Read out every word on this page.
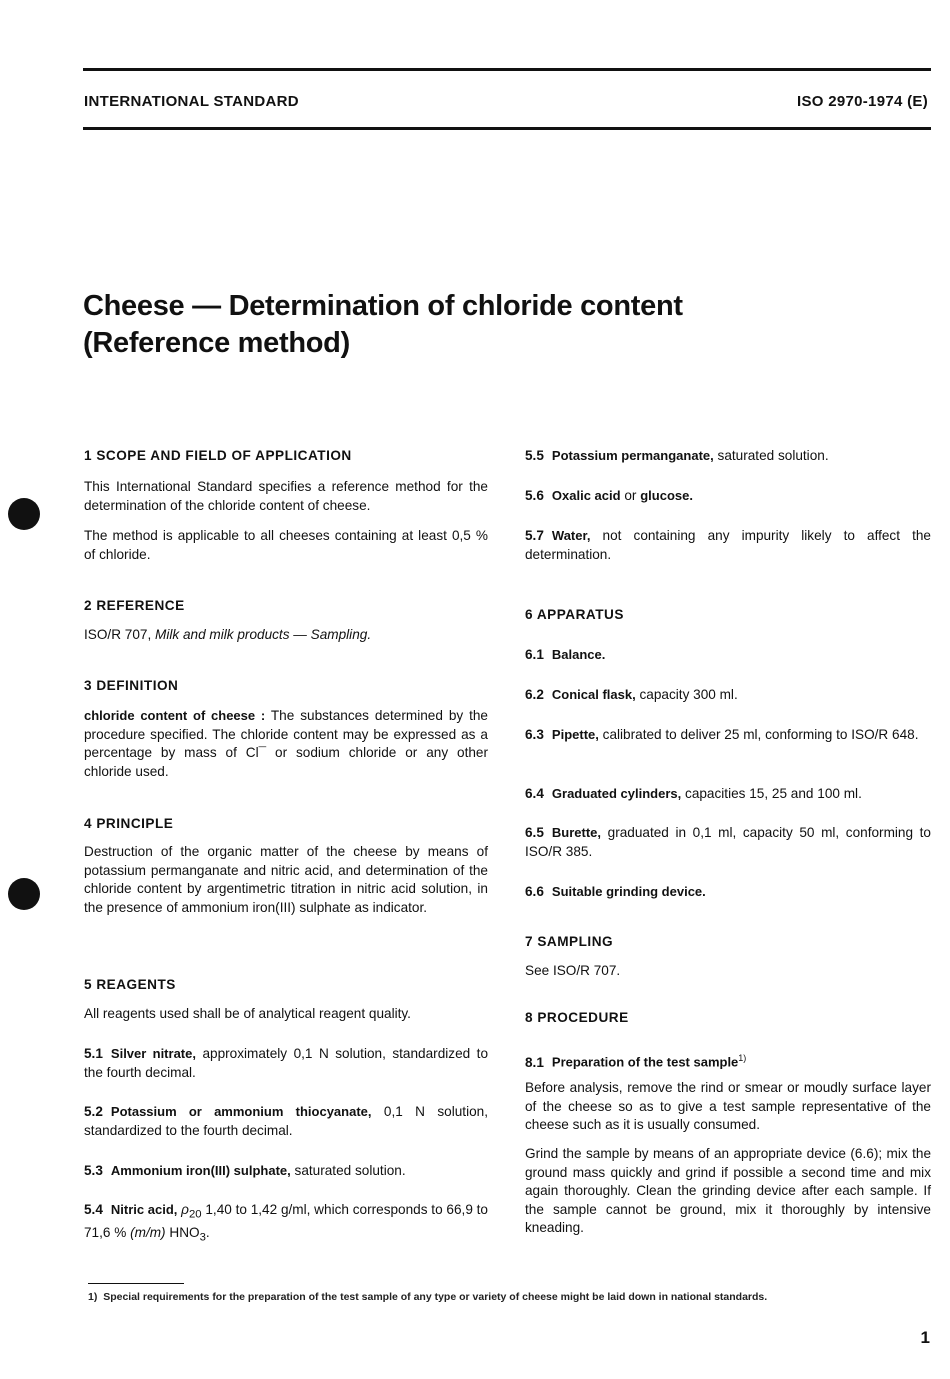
INTERNATIONAL STANDARD	ISO 2970-1974 (E)
Cheese — Determination of chloride content
(Reference method)
1 SCOPE AND FIELD OF APPLICATION

This International Standard specifies a reference method for the determination of the chloride content of cheese.

The method is applicable to all cheeses containing at least 0,5 % of chloride.

2 REFERENCE

ISO/R 707, Milk and milk products — Sampling.

3 DEFINITION

chloride content of cheese : The substances determined by the procedure specified. The chloride content may be expressed as a percentage by mass of Cl¯ or sodium chloride or any other chloride used.

4 PRINCIPLE

Destruction of the organic matter of the cheese by means of potassium permanganate and nitric acid, and determination of the chloride content by argentimetric titration in nitric acid solution, in the presence of ammonium iron(III) sulphate as indicator.

5 REAGENTS

All reagents used shall be of analytical reagent quality.

5.1 Silver nitrate, approximately 0,1 N solution, standardized to the fourth decimal.

5.2 Potassium or ammonium thiocyanate, 0,1 N solution, standardized to the fourth decimal.

5.3 Ammonium iron(III) sulphate, saturated solution.

5.4 Nitric acid, $\rho_{20}$ 1,40 to 1,42 g/ml, which corresponds to 66,9 to 71,6 % (m/m) $HNO_3$.

5.5 Potassium permanganate, saturated solution.

5.6 Oxalic acid or glucose.

5.7 Water, not containing any impurity likely to affect the determination.

6 APPARATUS

6.1 Balance.

6.2 Conical flask, capacity 300 ml.

6.3 Pipette, calibrated to deliver 25 ml, conforming to ISO/R 648.

6.4 Graduated cylinders, capacities 15, 25 and 100 ml.

6.5 Burette, graduated in 0,1 ml, capacity 50 ml, conforming to ISO/R 385.

6.6 Suitable grinding device.

7 SAMPLING

See ISO/R 707.

8 PROCEDURE

8.1 Preparation of the test sample$^{1)}$

Before analysis, remove the rind or smear or moudly surface layer of the cheese so as to give a test sample representative of the cheese such as it is usually consumed.

Grind the sample by means of an appropriate device (6.6); mix the ground mass quickly and grind if possible a second time and mix again thoroughly. Clean the grinding device after each sample. If the sample cannot be ground, mix it thoroughly by intensive kneading.

1) Special requirements for the preparation of the test sample of any type or variety of cheese might be laid down in national standards.
1
